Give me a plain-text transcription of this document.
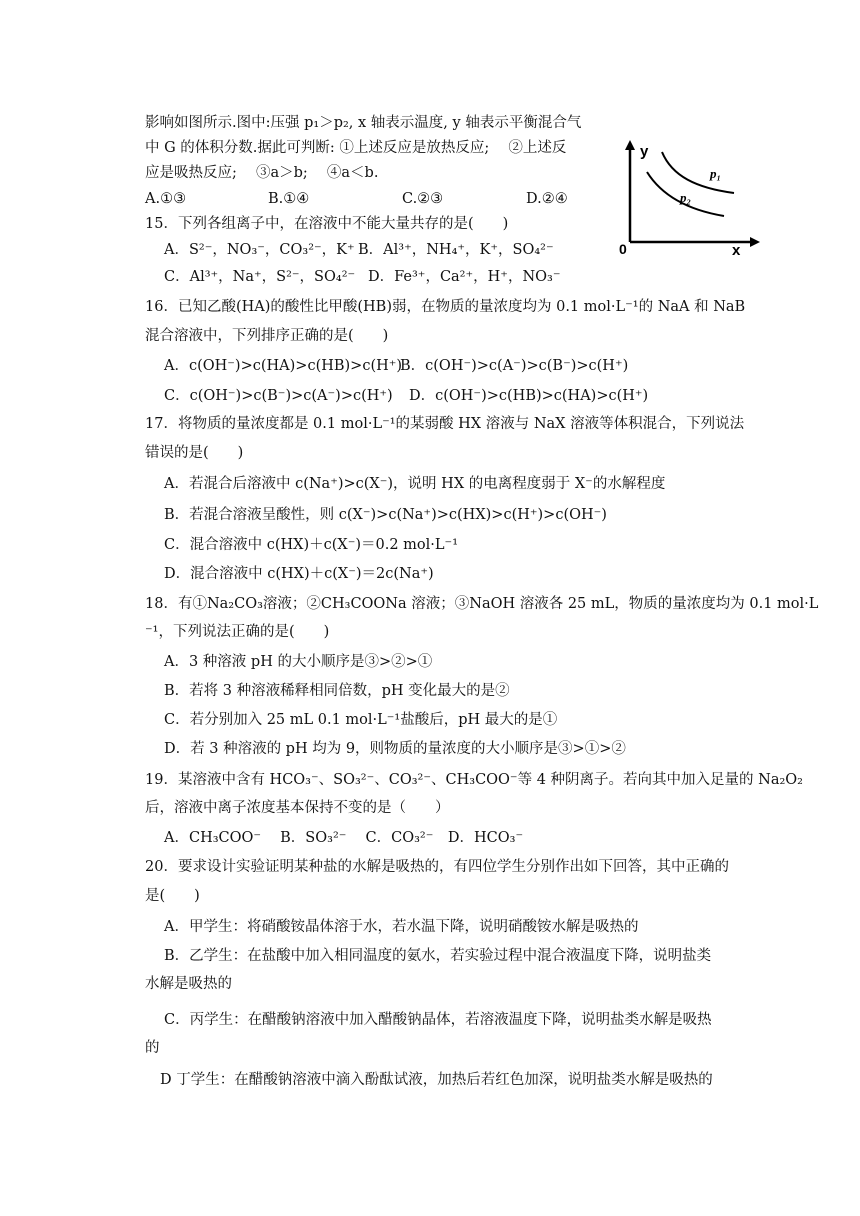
影响如图所示.图中:压强 p₁＞p₂, x 轴表示温度, y 轴表示平衡混合气
中 G 的体积分数.据此可判断: ①上述反应是放热反应;　 ②上述反
应是吸热反应;　 ③a＞b;　 ④a＜b.
A.①③	B.①④	C.②③	D.②④
y
0	x
p₁
p₂
15．下列各组离子中，在溶液中不能大量共存的是(　　)
A．S²⁻，NO₃⁻，CO₃²⁻，K⁺ B．Al³⁺，NH₄⁺，K⁺，SO₄²⁻
C．Al³⁺，Na⁺，S²⁻，SO₄²⁻ D．Fe³⁺，Ca²⁺，H⁺，NO₃⁻
16．已知乙酸(HA)的酸性比甲酸(HB)弱，在物质的量浓度均为 0.1 mol·L⁻¹的 NaA 和 NaB
混合溶液中，下列排序正确的是(　　)
A．c(OH⁻)>c(HA)>c(HB)>c(H⁺)
B．c(OH⁻)>c(A⁻)>c(B⁻)>c(H⁺)
C．c(OH⁻)>c(B⁻)>c(A⁻)>c(H⁺) D．c(OH⁻)>c(HB)>c(HA)>c(H⁺)
17．将物质的量浓度都是 0.1 mol·L⁻¹的某弱酸 HX 溶液与 NaX 溶液等体积混合，下列说法
错误的是(　　)
A．若混合后溶液中 c(Na⁺)>c(X⁻)，说明 HX 的电离程度弱于 X⁻的水解程度
B．若混合溶液呈酸性，则 c(X⁻)>c(Na⁺)>c(HX)>c(H⁺)>c(OH⁻)
C．混合溶液中 c(HX)＋c(X⁻)＝0.2 mol·L⁻¹
D．混合溶液中 c(HX)＋c(X⁻)＝2c(Na⁺)
18．有①Na₂CO₃溶液；②CH₃COONa 溶液；③NaOH 溶液各 25 mL，物质的量浓度均为 0.1 mol·L
⁻¹，下列说法正确的是(　　)
A．3 种溶液 pH 的大小顺序是③>②>①
B．若将 3 种溶液稀释相同倍数，pH 变化最大的是②
C．若分别加入 25 mL 0.1 mol·L⁻¹盐酸后，pH 最大的是①
D．若 3 种溶液的 pH 均为 9，则物质的量浓度的大小顺序是③>①>②
19．某溶液中含有 HCO₃⁻、SO₃²⁻、CO₃²⁻、CH₃COO⁻等 4 种阴离子。若向其中加入足量的 Na₂O₂
后，溶液中离子浓度基本保持不变的是（　　）
A．CH₃COO⁻　 B．SO₃²⁻　 C．CO₃²⁻　D．HCO₃⁻
20．要求设计实验证明某种盐的水解是吸热的，有四位学生分别作出如下回答，其中正确的
是(　　)
A．甲学生：将硝酸铵晶体溶于水，若水温下降，说明硝酸铵水解是吸热的
B．乙学生：在盐酸中加入相同温度的氨水，若实验过程中混合液温度下降，说明盐类
水解是吸热的
C．丙学生：在醋酸钠溶液中加入醋酸钠晶体，若溶液温度下降，说明盐类水解是吸热
的
D 丁学生：在醋酸钠溶液中滴入酚酞试液，加热后若红色加深，说明盐类水解是吸热的
